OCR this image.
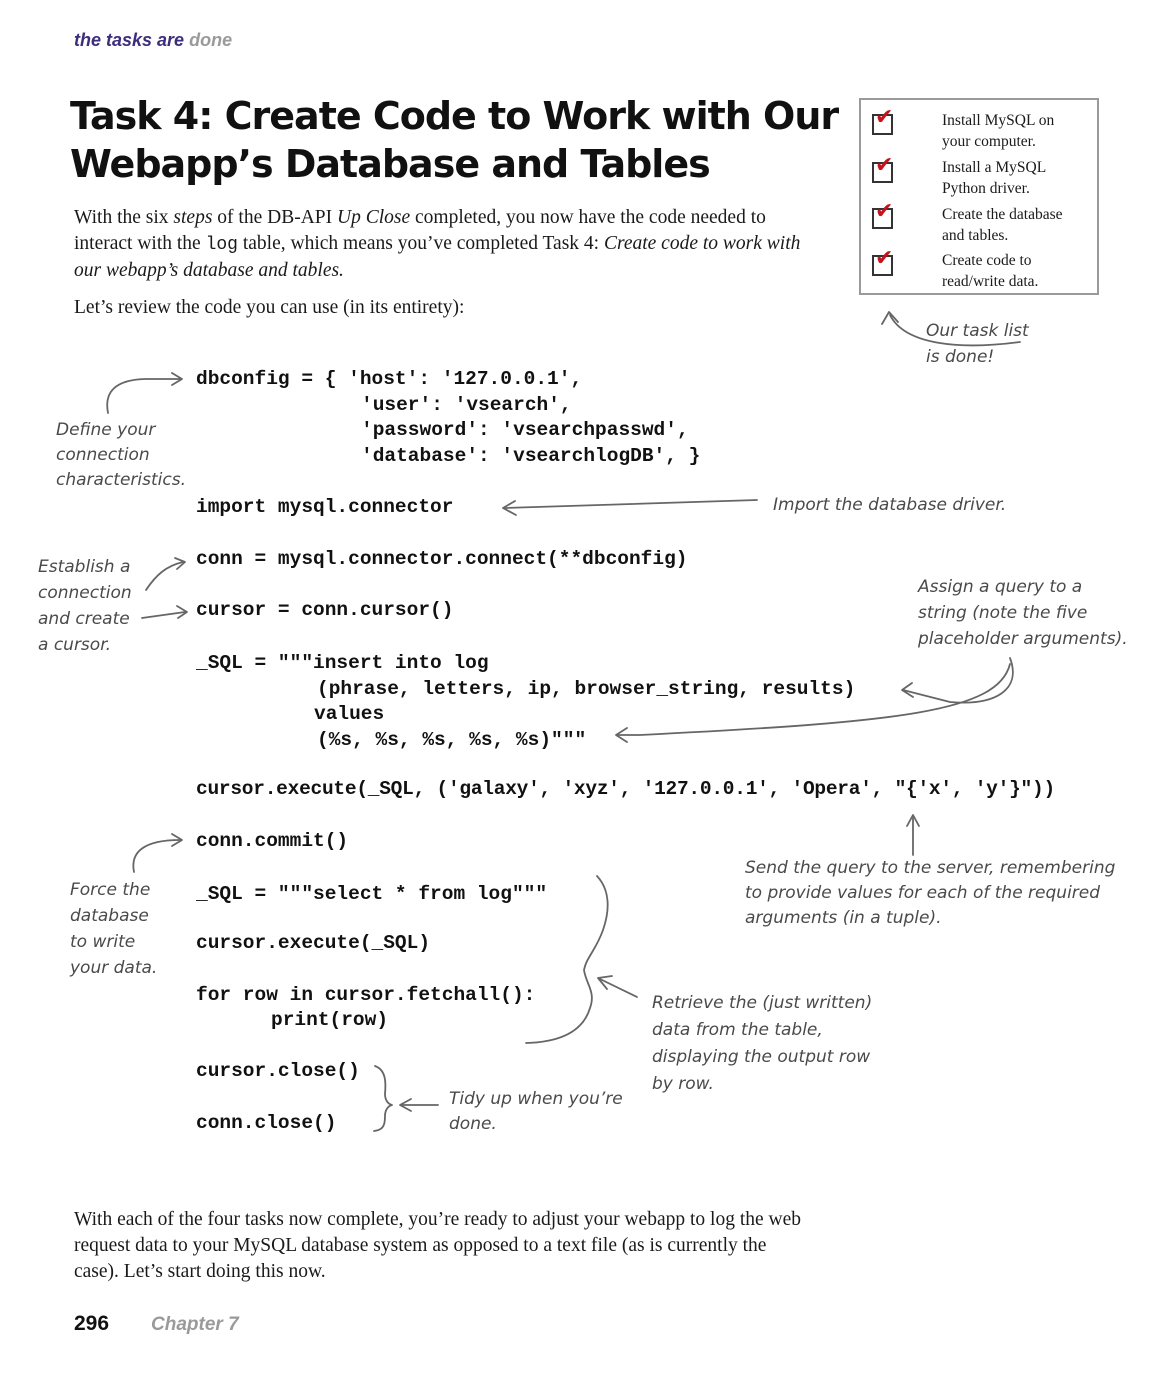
the tasks are done
Task 4: Create Code to Work with Our
Webapp’s Database and Tables

With the six steps of the DB-API Up Close completed, you now have the code needed to interact with the log table, which means you’ve completed Task 4: Create code to work with our webapp’s database and tables.

Let’s review the code you can use (in its entirety):

✔	Install MySQL on
your computer.
✔	Install a MySQL
Python driver.
✔	Create the database
and tables.
✔	Create code to
read/write data.
Our task list
is done!
dbconfig = { 'host': '127.0.0.1',
'user': 'vsearch',
'password': 'vsearchpasswd',
'database': 'vsearchlogDB', }
import mysql.connector
conn = mysql.connector.connect(**dbconfig)
cursor = conn.cursor()
_SQL = """insert into log
(phrase, letters, ip, browser_string, results)
values
(%s, %s, %s, %s, %s)"""
cursor.execute(_SQL, ('galaxy', 'xyz', '127.0.0.1', 'Opera', "{'x', 'y'}"))
conn.commit()
_SQL = """select * from log"""
cursor.execute(_SQL)
for row in cursor.fetchall():
print(row)
cursor.close()
conn.close()
Define your
connection
characteristics.
Import the database driver.
Establish a
connection
and create
a cursor.
Assign a query to a
string (note the five
placeholder arguments).
Send the query to the server, remembering
to provide values for each of the required
arguments (in a tuple).
Force the
database
to write
your data.
Retrieve the (just written)
data from the table,
displaying the output row
by row.
Tidy up when you’re
done.

With each of the four tasks now complete, you’re ready to adjust your webapp to log the web request data to your MySQL database system as opposed to a text file (as is currently the case). Let’s start doing this now.

296 Chapter 7
